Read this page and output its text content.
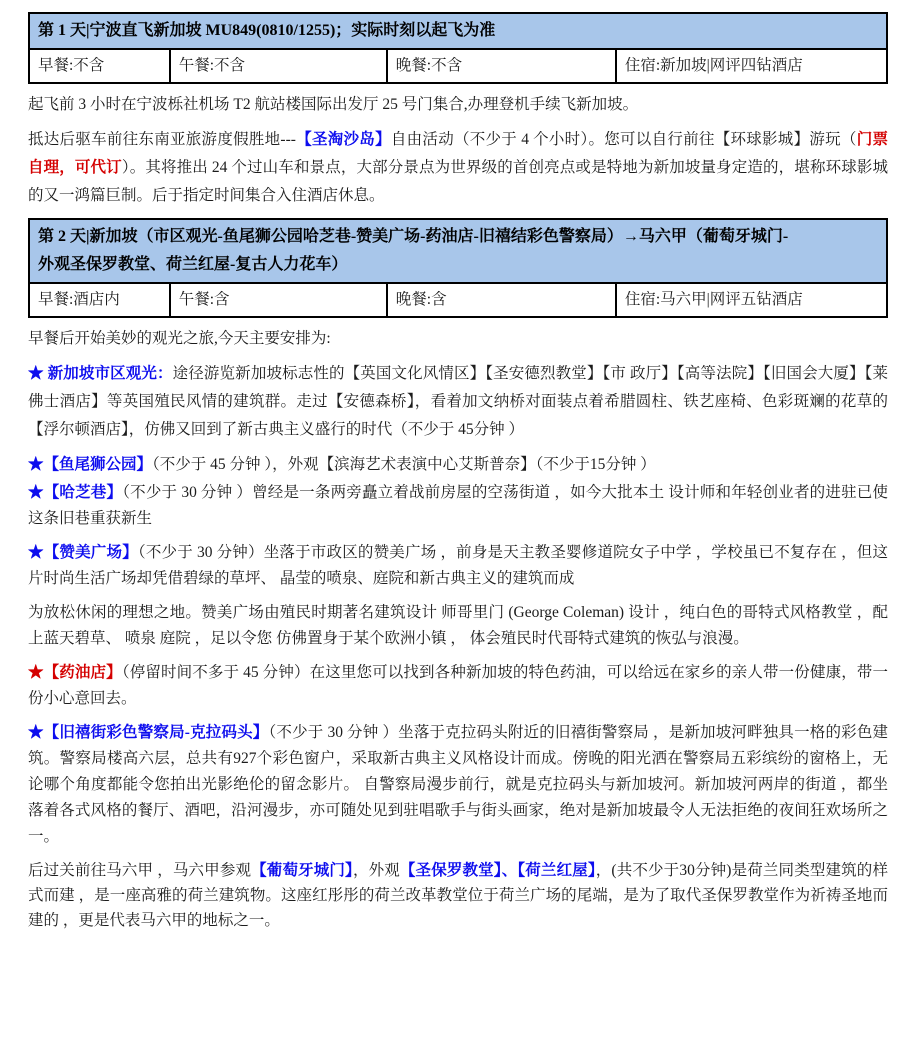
第 1 天|宁波直飞新加坡 MU849(0810/1255)；实际时刻以起飞为准
早餐:不含	午餐:不含	晚餐:不含	住宿:新加坡|网评四钻酒店

起飞前 3 小时在宁波栎社机场 T2 航站楼国际出发厅 25 号门集合,办理登机手续飞新加坡。

抵达后驱车前往东南亚旅游度假胜地---【圣淘沙岛】自由活动（不少于 4 个小时）。您可以自行前往【环球影城】游玩（门票自理，可代订）。其将推出 24 个过山车和景点，大部分景点为世界级的首创亮点或是特地为新加坡量身定造的，堪称环球影城的又一鸿篇巨制。后于指定时间集合入住酒店休息。

第 2 天|新加坡（市区观光-鱼尾狮公园哈芝巷-赞美广场-药油店-旧禧结彩色警察局）→马六甲（葡萄牙城门-
外观圣保罗教堂、荷兰红屋-复古人力花车）

早餐:酒店内	午餐:含	晚餐:含	住宿:马六甲|网评五钻酒店

早餐后开始美妙的观光之旅,今天主要安排为:

★ 新加坡市区观光：途径游览新加坡标志性的【英国文化风情区】【圣安德烈教堂】【市 政厅】【高等法院】【旧国会大厦】【莱佛士酒店】等英国殖民风情的建筑群。走过【安德森桥】，看着加文纳桥对面装点着希腊圆柱、铁艺座椅、色彩斑斓的花草的【浮尔顿酒店】，仿佛又回到了新古典主义盛行的时代（不少于 45分钟 ）

★【鱼尾狮公园】（不少于 45 分钟 ），外观【滨海艺术表演中心艾斯普奈】（不少于15分钟 ）

★【哈芝巷】（不少于 30 分钟 ）曾经是一条两旁矗立着战前房屋的空荡街道 ，如今大批本土 设计师和年轻创业者的进驻已使这条旧巷重获新生

★【赞美广场】（不少于 30 分钟）坐落于市政区的赞美广场 ，前身是天主教圣婴修道院女子中学 ，学校虽已不复存在 ，但这片时尚生活广场却凭借碧绿的草坪、 晶莹的喷泉、庭院和新古典主义的建筑而成

为放松休闲的理想之地。赞美广场由殖民时期著名建筑设计 师哥里门 (George Coleman) 设计 ，纯白色的哥特式风格教堂 ，配上蓝天碧草、 喷泉 庭院 ，足以令您 仿佛置身于某个欧洲小镇 ， 体会殖民时代哥特式建筑的恢弘与浪漫。

★【药油店】（停留时间不多于 45 分钟）在这里您可以找到各种新加坡的特色药油，可以给远在家乡的亲人带一份健康，带一份小心意回去。

★【旧禧街彩色警察局-克拉码头】（不少于 30 分钟 ）坐落于克拉码头附近的旧禧街警察局 ，是新加坡河畔独具一格的彩色建筑。警察局楼高六层，总共有927个彩色窗户，采取新古典主义风格设计而成。傍晚的阳光洒在警察局五彩缤纷的窗格上，无论哪个角度都能令您拍出光影绝伦的留念影片。 自警察局漫步前行，就是克拉码头与新加坡河。新加坡河两岸的街道 ，都坐落着各式风格的餐厅、酒吧，沿河漫步，亦可随处见到驻唱歌手与街头画家，绝对是新加坡最令人无法拒绝的夜间狂欢场所之一。

后过关前往马六甲 ，马六甲参观【葡萄牙城门】，外观【圣保罗教堂】、【荷兰红屋】，(共不少于30分钟)是荷兰同类型建筑的样式而建 ，是一座高雅的荷兰建筑物。这座红彤彤的荷兰改革教堂位于荷兰广场的尾端，是为了取代圣保罗教堂作为祈祷圣地而建的 ，更是代表马六甲的地标之一。
